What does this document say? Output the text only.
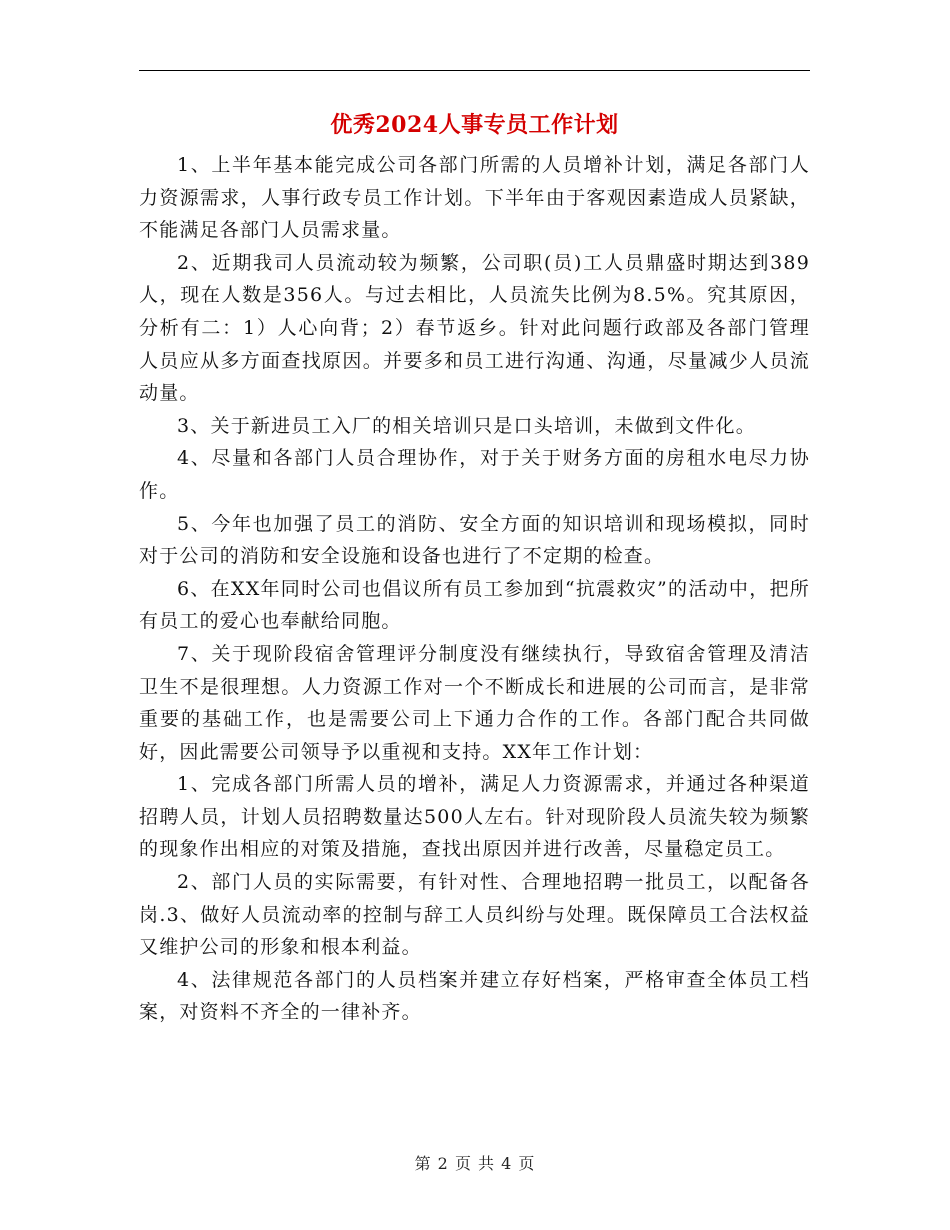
优秀2024人事专员工作计划

1、上半年基本能完成公司各部门所需的人员增补计划，满足各部门人力资源需求，人事行政专员工作计划。下半年由于客观因素造成人员紧缺，不能满足各部门人员需求量。

2、近期我司人员流动较为频繁，公司职(员)工人员鼎盛时期达到389人，现在人数是356人。与过去相比，人员流失比例为8.5%。究其原因，分析有二：1）人心向背；2）春节返乡。针对此问题行政部及各部门管理人员应从多方面查找原因。并要多和员工进行沟通、沟通，尽量减少人员流动量。

3、关于新进员工入厂的相关培训只是口头培训，未做到文件化。

4、尽量和各部门人员合理协作，对于关于财务方面的房租水电尽力协作。

5、今年也加强了员工的消防、安全方面的知识培训和现场模拟，同时对于公司的消防和安全设施和设备也进行了不定期的检查。

6、在XX年同时公司也倡议所有员工参加到“抗震救灾”的活动中，把所有员工的爱心也奉献给同胞。

7、关于现阶段宿舍管理评分制度没有继续执行，导致宿舍管理及清洁卫生不是很理想。人力资源工作对一个不断成长和进展的公司而言，是非常重要的基础工作，也是需要公司上下通力合作的工作。各部门配合共同做好，因此需要公司领导予以重视和支持。XX年工作计划：

1、完成各部门所需人员的增补，满足人力资源需求，并通过各种渠道招聘人员，计划人员招聘数量达500人左右。针对现阶段人员流失较为频繁的现象作出相应的对策及措施，查找出原因并进行改善，尽量稳定员工。

2、部门人员的实际需要，有针对性、合理地招聘一批员工，以配备各岗.3、做好人员流动率的控制与辞工人员纠纷与处理。既保障员工合法权益又维护公司的形象和根本利益。

4、法律规范各部门的人员档案并建立存好档案，严格审查全体员工档案，对资料不齐全的一律补齐。

第 2 页 共 4 页
